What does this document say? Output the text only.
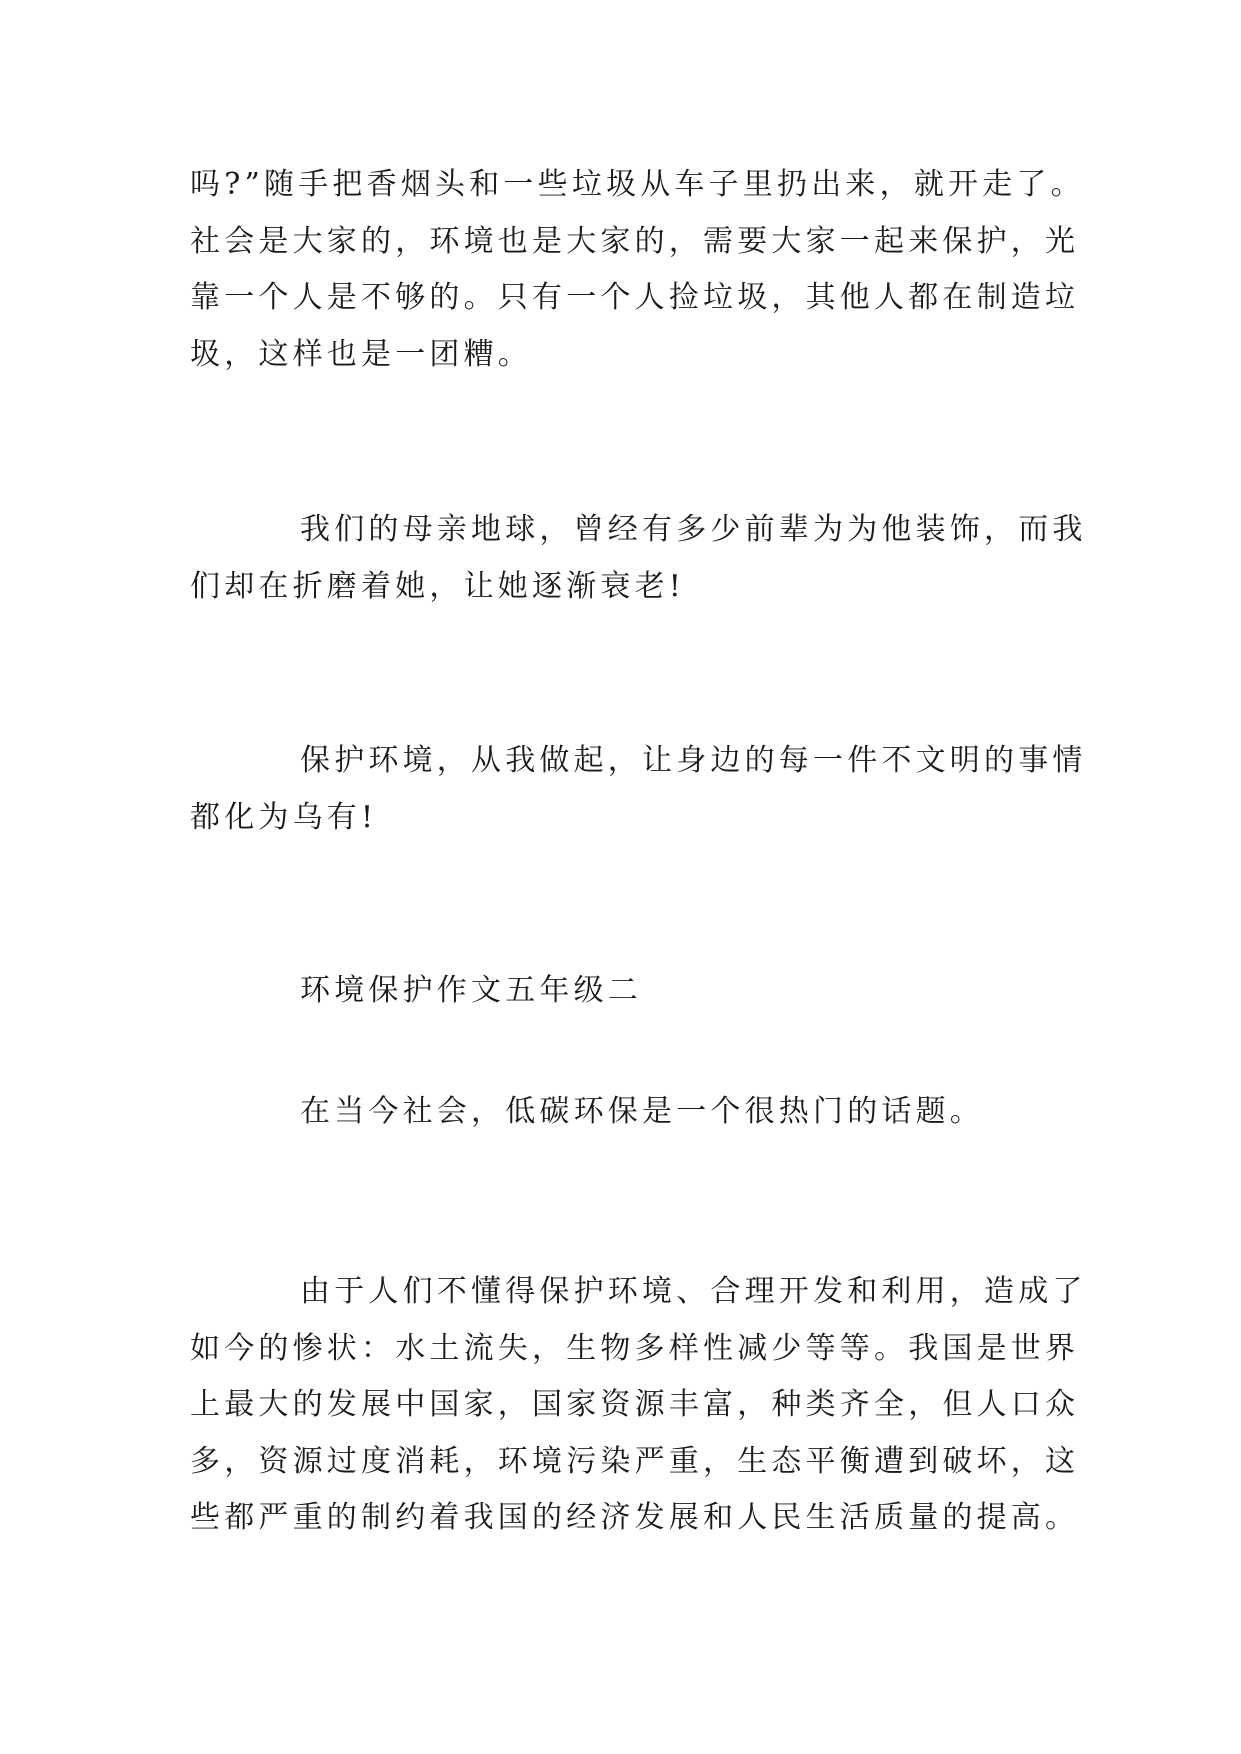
吗?”随手把香烟头和一些垃圾从车子里扔出来，就开走了。
社会是大家的，环境也是大家的，需要大家一起来保护，光
靠一个人是不够的。只有一个人捡垃圾，其他人都在制造垃
圾，这样也是一团糟。
我们的母亲地球，曾经有多少前辈为为他装饰，而我
们却在折磨着她，让她逐渐衰老!
保护环境，从我做起，让身边的每一件不文明的事情
都化为乌有!
环境保护作文五年级二
在当今社会，低碳环保是一个很热门的话题。
由于人们不懂得保护环境、合理开发和利用，造成了
如今的惨状：水土流失，生物多样性减少等等。我国是世界
上最大的发展中国家，国家资源丰富，种类齐全，但人口众
多，资源过度消耗，环境污染严重，生态平衡遭到破坏，这
些都严重的制约着我国的经济发展和人民生活质量的提高。
